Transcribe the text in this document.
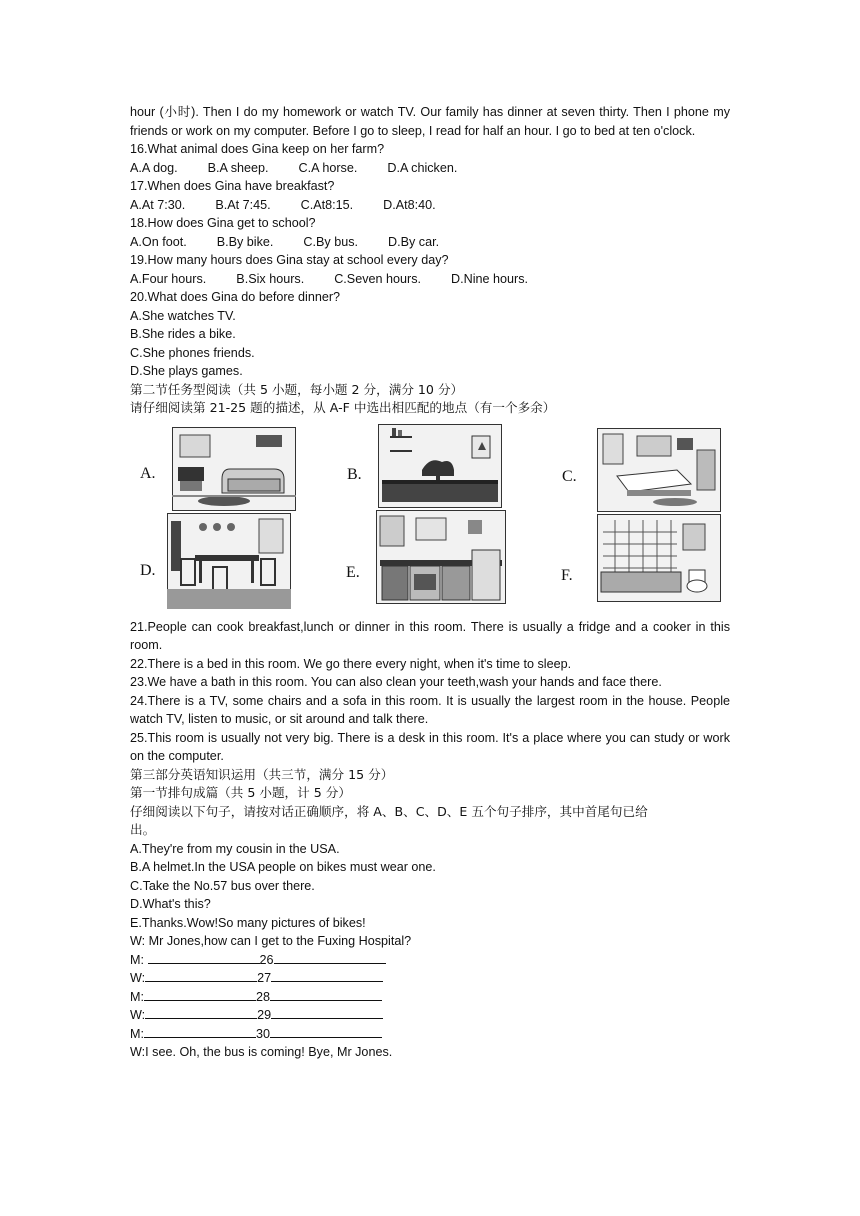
hour (小时). Then I do my homework or watch TV. Our family has dinner at seven thirty. Then I phone my friends or work on my computer. Before I go to sleep, I read for half an hour. I go to bed at ten o'clock.
16.What animal does Gina keep on her farm?
A.A dog. B.A sheep. C.A horse. D.A chicken.
17.When does Gina have breakfast?
A.At 7:30. B.At 7:45. C.At8:15. D.At8:40.
18.How does Gina get to school?
A.On foot. B.By bike. C.By bus. D.By car.
19.How many hours does Gina stay at school every day?
A.Four hours. B.Six hours. C.Seven hours. D.Nine hours.
20.What does Gina do before dinner?
A.She watches TV.
B.She rides a bike.
C.She phones friends.
D.She plays games.
第二节任务型阅读（共 5 小题，每小题 2 分，满分 10 分）
请仔细阅读第 21-25 题的描述，从 A-F 中选出相匹配的地点（有一个多余）
A.	B.	C.
D.	E.	F.
21.People can cook breakfast,lunch or dinner in this room. There is usually a fridge and a cooker in this room.
22.There is a bed in this room. We go there every night, when it's time to sleep.
23.We have a bath in this room. You can also clean your teeth,wash your hands and face there.
24.There is a TV, some chairs and a sofa in this room. It is usually the largest room in the house. People watch TV, listen to music, or sit around and talk there.
25.This room is usually not very big. There is a desk in this room. It's a place where you can study or work on the computer.
第三部分英语知识运用（共三节，满分 15 分）
第一节排句成篇（共 5 小题，计 5 分）
仔细阅读以下句子，请按对话正确顺序，将 A、B、C、D、E 五个句子排序，其中首尾句已给
出。
A.They're from my cousin in the USA.
B.A helmet.In the USA people on bikes must wear one.
C.Take the No.57 bus over there.
D.What's this?
E.Thanks.Wow!So many pictures of bikes!
W: Mr Jones,how can I get to the Fuxing Hospital?
M:	26
W:	27
M:	28
W:	29
M:	30
W:I see. Oh, the bus is coming! Bye, Mr Jones.
